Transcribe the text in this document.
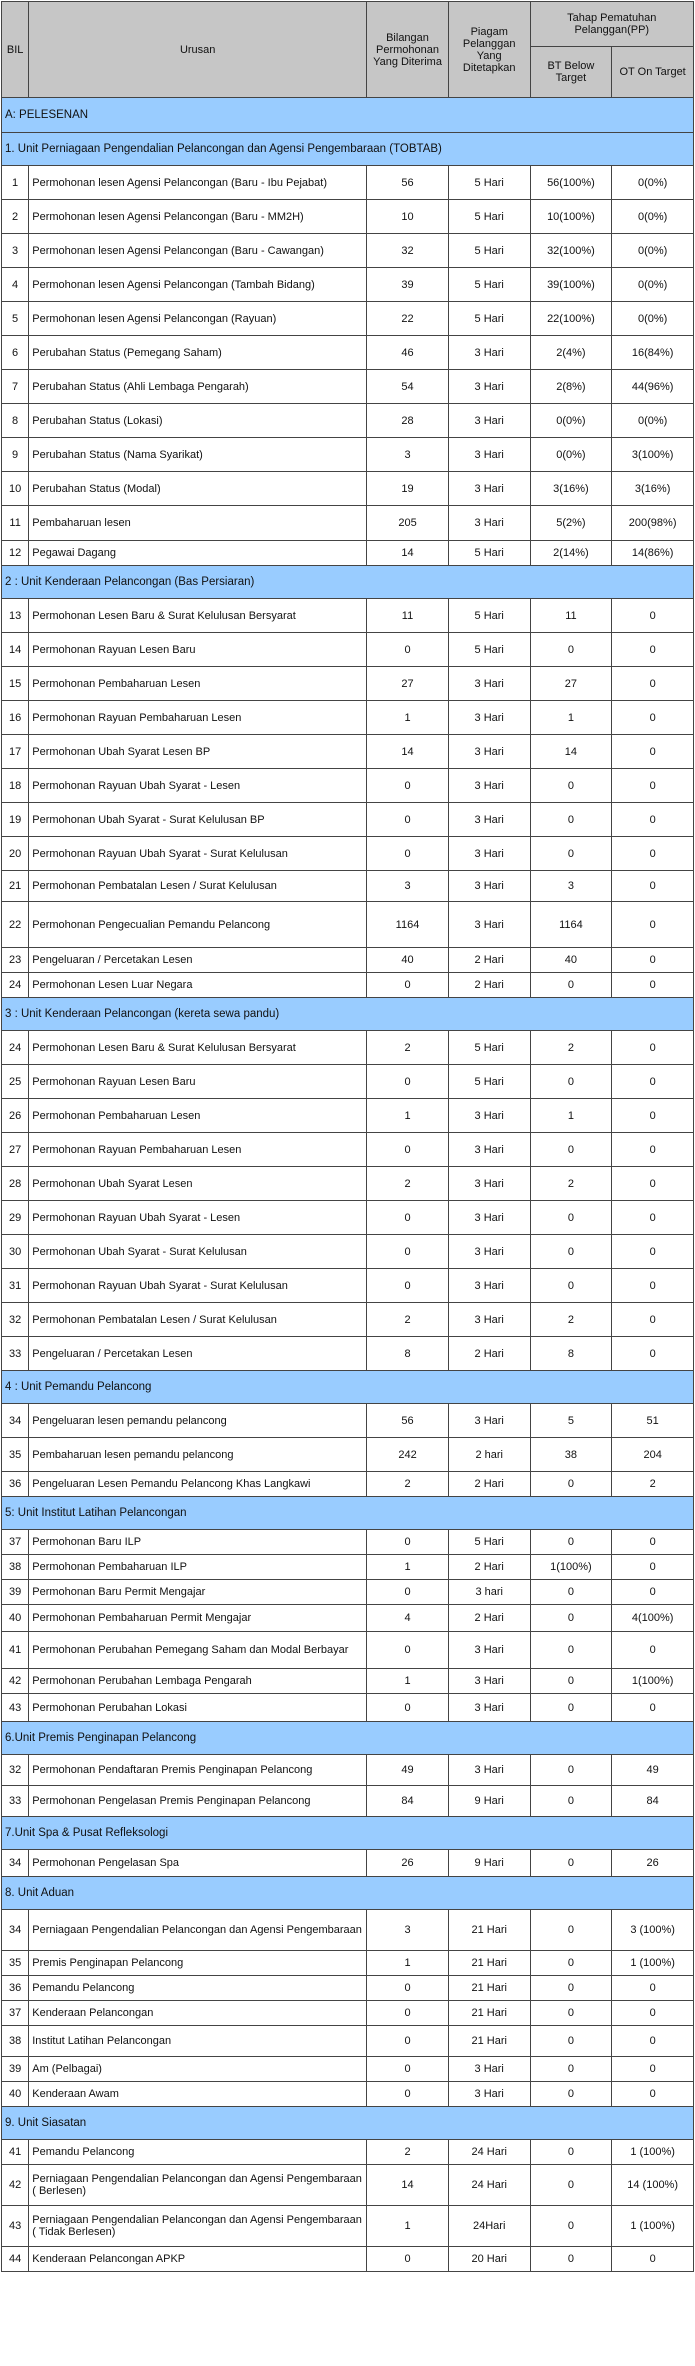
BIL	Urusan	Bilangan Permohonan Yang Diterima	Piagam Pelanggan Yang Ditetapkan	Tahap Pematuhan Pelanggan(PP)	
				BT Below Target	OT On Target
A: PELESENAN					
1. Unit Perniagaan Pengendalian Pelancongan dan Agensi Pengembaraan (TOBTAB)					
1	Permohonan lesen Agensi Pelancongan (Baru - Ibu Pejabat)	56	5 Hari	56(100%)	0(0%)
2	Permohonan lesen Agensi Pelancongan (Baru - MM2H)	10	5 Hari	10(100%)	0(0%)
3	Permohonan lesen Agensi Pelancongan (Baru - Cawangan)	32	5 Hari	32(100%)	0(0%)
4	Permohonan lesen Agensi Pelancongan (Tambah Bidang)	39	5 Hari	39(100%)	0(0%)
5	Permohonan lesen Agensi Pelancongan (Rayuan)	22	5 Hari	22(100%)	0(0%)
6	Perubahan Status (Pemegang Saham)	46	3 Hari	2(4%)	16(84%)
7	Perubahan Status (Ahli Lembaga Pengarah)	54	3 Hari	2(8%)	44(96%)
8	Perubahan Status (Lokasi)	28	3 Hari	0(0%)	0(0%)
9	Perubahan Status (Nama Syarikat)	3	3 Hari	0(0%)	3(100%)
10	Perubahan Status (Modal)	19	3 Hari	3(16%)	3(16%)
11	Pembaharuan lesen	205	3 Hari	5(2%)	200(98%)
12	Pegawai Dagang	14	5 Hari	2(14%)	14(86%)
2 : Unit Kenderaan Pelancongan (Bas Persiaran)					
13	Permohonan Lesen Baru & Surat Kelulusan Bersyarat	11	5 Hari	11	0
14	Permohonan Rayuan Lesen Baru	0	5 Hari	0	0
15	Permohonan Pembaharuan Lesen	27	3 Hari	27	0
16	Permohonan Rayuan Pembaharuan Lesen	1	3 Hari	1	0
17	Permohonan Ubah Syarat Lesen BP	14	3 Hari	14	0
18	Permohonan Rayuan Ubah Syarat - Lesen	0	3 Hari	0	0
19	Permohonan Ubah Syarat - Surat Kelulusan BP	0	3 Hari	0	0
20	Permohonan Rayuan Ubah Syarat - Surat Kelulusan	0	3 Hari	0	0
21	Permohonan Pembatalan Lesen / Surat Kelulusan	3	3 Hari	3	0
22	Permohonan Pengecualian Pemandu Pelancong	1164	3 Hari	1164	0
23	Pengeluaran / Percetakan Lesen	40	2 Hari	40	0
24	Permohonan Lesen Luar Negara	0	2 Hari	0	0
3 : Unit Kenderaan Pelancongan (kereta sewa pandu)					
24	Permohonan Lesen Baru & Surat Kelulusan Bersyarat	2	5 Hari	2	0
25	Permohonan Rayuan Lesen Baru	0	5 Hari	0	0
26	Permohonan Pembaharuan Lesen	1	3 Hari	1	0
27	Permohonan Rayuan Pembaharuan Lesen	0	3 Hari	0	0
28	Permohonan Ubah Syarat Lesen	2	3 Hari	2	0
29	Permohonan Rayuan Ubah Syarat - Lesen	0	3 Hari	0	0
30	Permohonan Ubah Syarat - Surat Kelulusan	0	3 Hari	0	0
31	Permohonan Rayuan Ubah Syarat - Surat Kelulusan	0	3 Hari	0	0
32	Permohonan Pembatalan Lesen / Surat Kelulusan	2	3 Hari	2	0
33	Pengeluaran / Percetakan Lesen	8	2 Hari	8	0
4 : Unit Pemandu Pelancong					
34	Pengeluaran lesen pemandu pelancong	56	3 Hari	5	51
35	Pembaharuan lesen pemandu pelancong	242	2 hari	38	204
36	Pengeluaran Lesen Pemandu Pelancong Khas Langkawi	2	2 Hari	0	2
5: Unit Institut Latihan Pelancongan					
37	Permohonan Baru ILP	0	5 Hari	0	0
38	Permohonan Pembaharuan ILP	1	2 Hari	1(100%)	0
39	Permohonan Baru Permit Mengajar	0	3 hari	0	0
40	Permohonan Pembaharuan Permit Mengajar	4	2 Hari	0	4(100%)
41	Permohonan Perubahan Pemegang Saham dan Modal Berbayar	0	3 Hari	0	0
42	Permohonan Perubahan Lembaga Pengarah	1	3 Hari	0	1(100%)
43	Permohonan Perubahan Lokasi	0	3 Hari	0	0
6.Unit Premis Penginapan Pelancong					
32	Permohonan Pendaftaran Premis Penginapan Pelancong	49	3 Hari	0	49
33	Permohonan Pengelasan Premis Penginapan Pelancong	84	9 Hari	0	84
7.Unit Spa & Pusat Refleksologi					
34	Permohonan Pengelasan Spa	26	9 Hari	0	26
8. Unit Aduan					
34	Perniagaan Pengendalian Pelancongan dan Agensi Pengembaraan	3	21 Hari	0	3 (100%)
35	Premis Penginapan Pelancong	1	21 Hari	0	1 (100%)
36	Pemandu Pelancong	0	21 Hari	0	0
37	Kenderaan Pelancongan	0	21 Hari	0	0
38	Institut Latihan Pelancongan	0	21 Hari	0	0
39	Am (Pelbagai)	0	3 Hari	0	0
40	Kenderaan Awam	0	3 Hari	0	0
9. Unit Siasatan					
41	Pemandu Pelancong	2	24 Hari	0	1 (100%)
42	Perniagaan Pengendalian Pelancongan dan Agensi Pengembaraan ( Berlesen)	14	24 Hari	0	14 (100%)
43	Perniagaan Pengendalian Pelancongan dan Agensi Pengembaraan ( Tidak Berlesen)	1	24Hari	0	1 (100%)
44	Kenderaan Pelancongan APKP	0	20 Hari	0	0
